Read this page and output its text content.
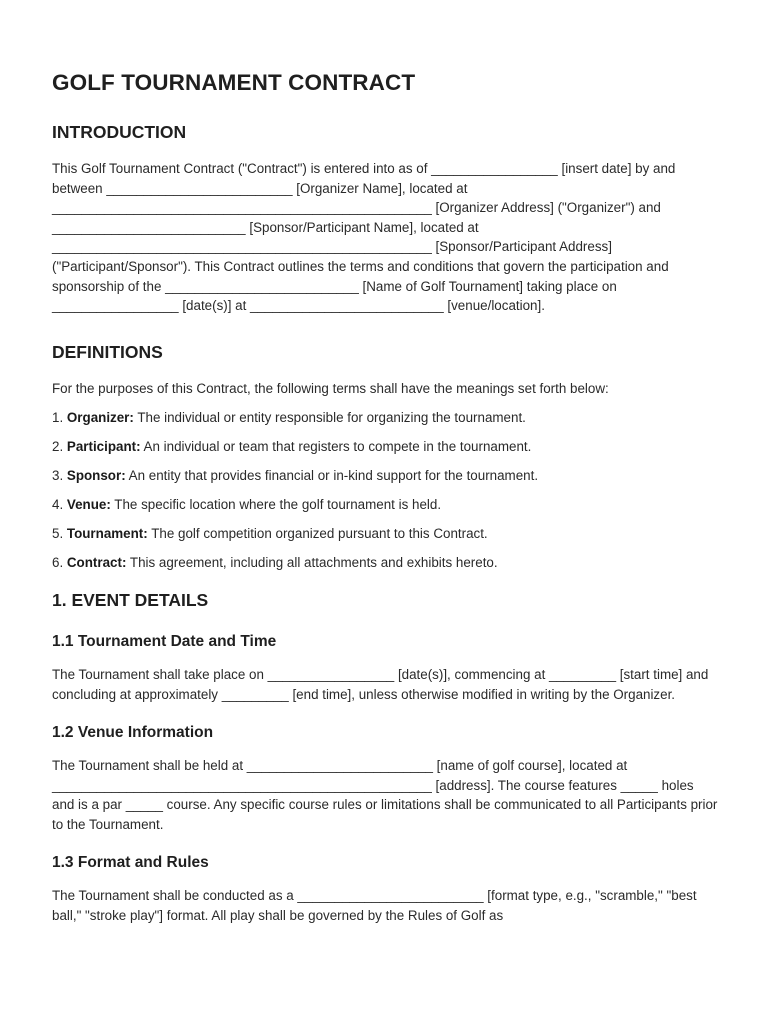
GOLF TOURNAMENT CONTRACT
INTRODUCTION

This Golf Tournament Contract ("Contract") is entered into as of _________________ [insert date] by and between _________________________ [Organizer Name], located at ___________________________________________________ [Organizer Address] ("Organizer") and __________________________ [Sponsor/Participant Name], located at ___________________________________________________ [Sponsor/Participant Address] ("Participant/Sponsor"). This Contract outlines the terms and conditions that govern the participation and sponsorship of the __________________________ [Name of Golf Tournament] taking place on _________________ [date(s)] at __________________________ [venue/location].

DEFINITIONS

For the purposes of this Contract, the following terms shall have the meanings set forth below:

1. Organizer: The individual or entity responsible for organizing the tournament.

2. Participant: An individual or team that registers to compete in the tournament.

3. Sponsor: An entity that provides financial or in-kind support for the tournament.

4. Venue: The specific location where the golf tournament is held.

5. Tournament: The golf competition organized pursuant to this Contract.

6. Contract: This agreement, including all attachments and exhibits hereto.

1. EVENT DETAILS
1.1 Tournament Date and Time

The Tournament shall take place on _________________ [date(s)], commencing at _________ [start time] and concluding at approximately _________ [end time], unless otherwise modified in writing by the Organizer.

1.2 Venue Information

The Tournament shall be held at _________________________ [name of golf course], located at ___________________________________________________ [address]. The course features _____ holes and is a par _____ course. Any specific course rules or limitations shall be communicated to all Participants prior to the Tournament.

1.3 Format and Rules

The Tournament shall be conducted as a _________________________ [format type, e.g., "scramble," "best ball," "stroke play"] format. All play shall be governed by the Rules of Golf as
